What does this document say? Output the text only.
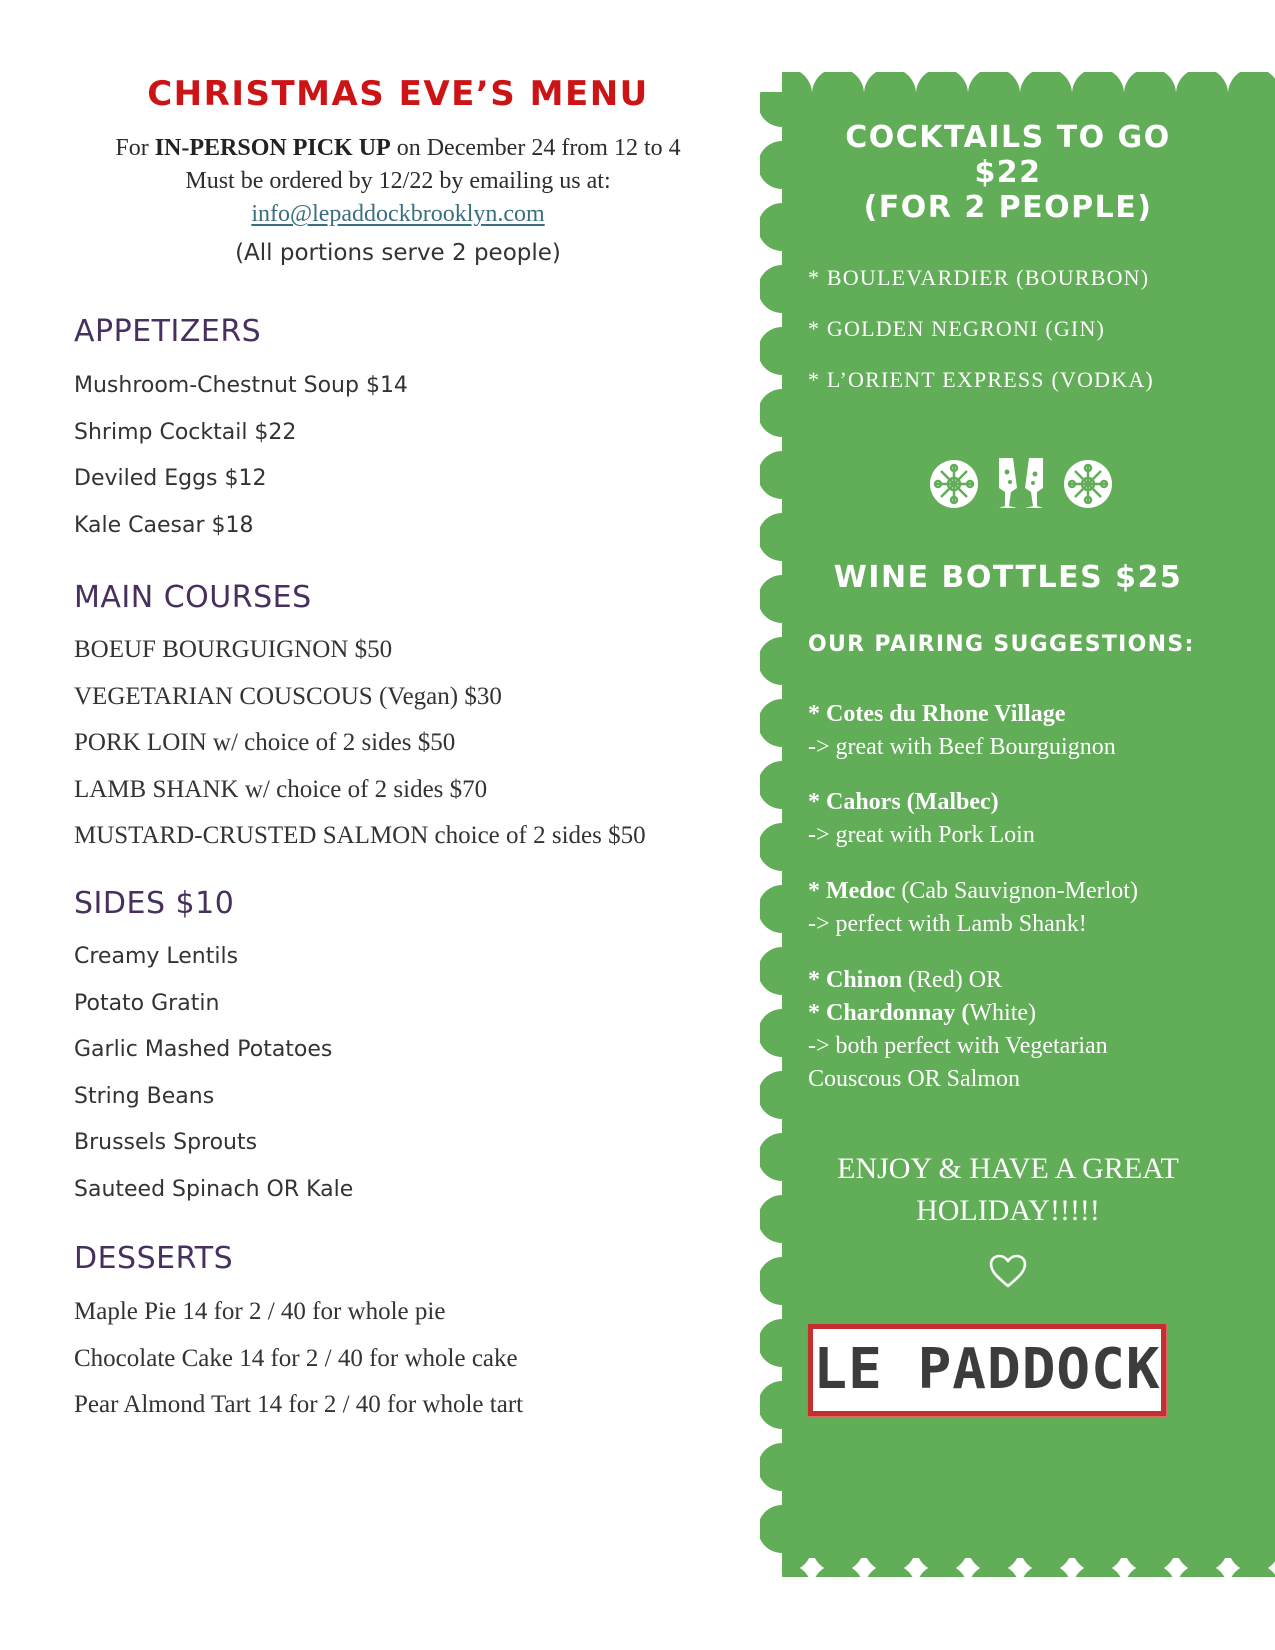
CHRISTMAS EVE’S MENU
For IN-PERSON PICK UP on December 24 from 12 to 4
Must be ordered by 12/22 by emailing us at:
info@lepaddockbrooklyn.com
(All portions serve 2 people)
APPETIZERS
Mushroom-Chestnut Soup $14
Shrimp Cocktail $22
Deviled Eggs $12
Kale Caesar $18
MAIN COURSES
BOEUF BOURGUIGNON $50
VEGETARIAN COUSCOUS (Vegan) $30
PORK LOIN w/ choice of 2 sides $50
LAMB SHANK w/ choice of 2 sides $70
MUSTARD-CRUSTED SALMON choice of 2 sides $50
SIDES $10
Creamy Lentils
Potato Gratin
Garlic Mashed Potatoes
String Beans
Brussels Sprouts
Sauteed Spinach OR Kale
DESSERTS
Maple Pie 14 for 2 / 40 for whole pie
Chocolate Cake 14 for 2 / 40 for whole cake
Pear Almond Tart 14 for 2 / 40 for whole tart
COCKTAILS TO GO $22
(FOR 2 PEOPLE)
* BOULEVARDIER (BOURBON)
* GOLDEN NEGRONI (GIN)
* L’ORIENT EXPRESS (VODKA)
WINE BOTTLES $25
OUR PAIRING SUGGESTIONS:
* Cotes du Rhone Village
-> great with Beef Bourguignon
* Cahors (Malbec)
-> great with Pork Loin
* Medoc (Cab Sauvignon-Merlot)
-> perfect with Lamb Shank!
* Chinon (Red) OR
* Chardonnay (White)
-> both perfect with Vegetarian
Couscous OR Salmon
ENJOY & HAVE A GREAT
HOLIDAY!!!!!
LE PADDOCK
